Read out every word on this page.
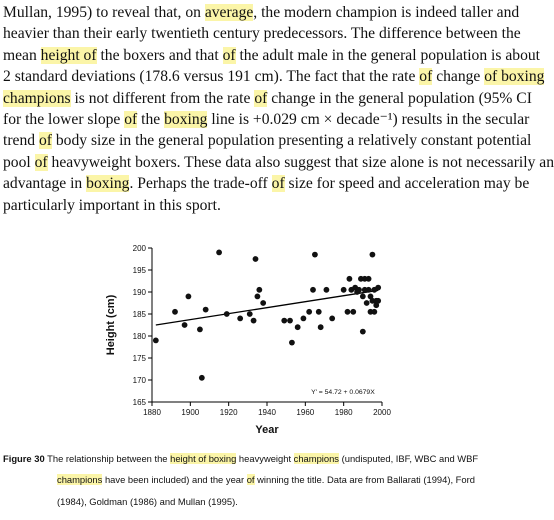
Mullan, 1995) to reveal that, on average, the modern champion is indeed taller and
heavier than their early twentieth century predecessors. The difference between the
mean height of the boxers and that of the adult male in the general population is about
2 standard deviations (178.6 versus 191 cm). The fact that the rate of change of boxing
champions is not different from the rate of change in the general population (95% CI
for the lower slope of the boxing line is +0.029 cm × decade⁻¹) results in the secular
trend of body size in the general population presenting a relatively constant potential
pool of heavyweight boxers. These data also suggest that size alone is not necessarily an
advantage in boxing. Perhaps the trade-off of size for speed and acceleration may be
particularly important in this sport.
165
170
175
180
185
190
195
200
1880	1900	1920	1940	1960	1980	2000
Year
Height (cm)
Y' = 54.72 + 0.0679X
Figure 30 The relationship between the height of boxing heavyweight champions (undisputed, IBF, WBC and WBF
champions have been included) and the year of winning the title. Data are from Ballarati (1994), Ford
(1984), Goldman (1986) and Mullan (1995).
